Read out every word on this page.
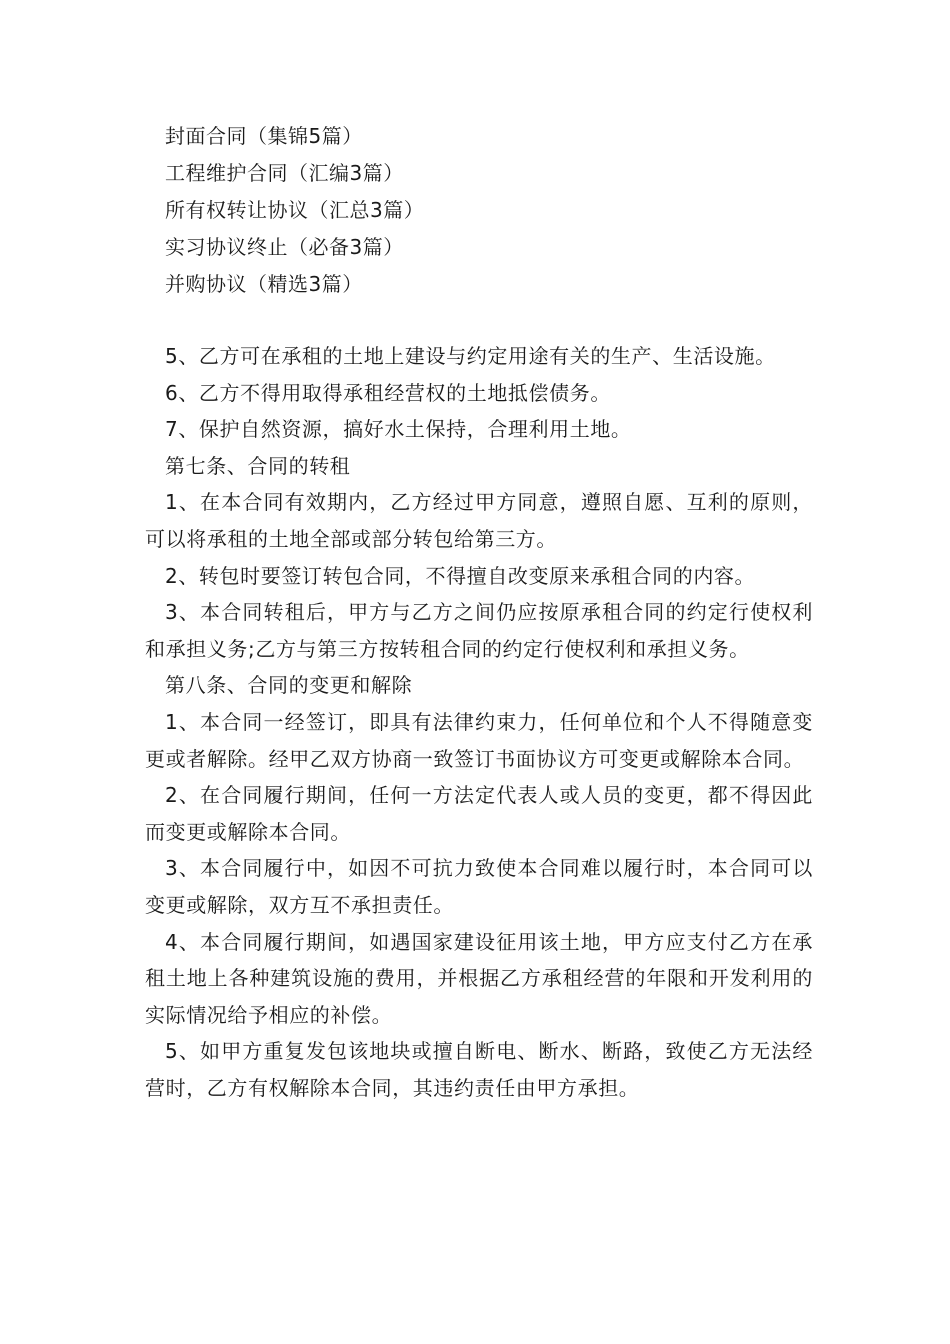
封面合同（集锦5篇）
工程维护合同（汇编3篇）
所有权转让协议（汇总3篇）
实习协议终止（必备3篇）
并购协议（精选3篇）

5、乙方可在承租的土地上建设与约定用途有关的生产、生活设施。

6、乙方不得用取得承租经营权的土地抵偿债务。

7、保护自然资源，搞好水土保持，合理利用土地。

第七条、合同的转租

1、在本合同有效期内，乙方经过甲方同意，遵照自愿、互利的原则，可以将承租的土地全部或部分转包给第三方。

2、转包时要签订转包合同，不得擅自改变原来承租合同的内容。

3、本合同转租后，甲方与乙方之间仍应按原承租合同的约定行使权利和承担义务;乙方与第三方按转租合同的约定行使权利和承担义务。

第八条、合同的变更和解除

1、本合同一经签订，即具有法律约束力，任何单位和个人不得随意变更或者解除。经甲乙双方协商一致签订书面协议方可变更或解除本合同。

2、在合同履行期间，任何一方法定代表人或人员的变更，都不得因此而变更或解除本合同。

3、本合同履行中，如因不可抗力致使本合同难以履行时，本合同可以变更或解除，双方互不承担责任。

4、本合同履行期间，如遇国家建设征用该土地，甲方应支付乙方在承租土地上各种建筑设施的费用，并根据乙方承租经营的年限和开发利用的实际情况给予相应的补偿。

5、如甲方重复发包该地块或擅自断电、断水、断路，致使乙方无法经营时，乙方有权解除本合同，其违约责任由甲方承担。
